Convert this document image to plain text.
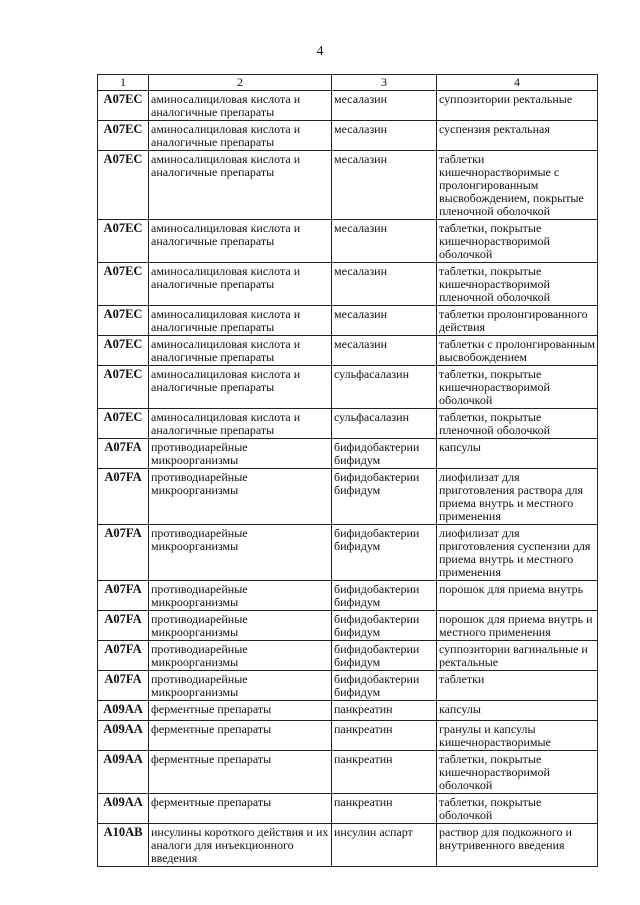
4
1	2	3	4
A07EC	аминосалициловая кислота и аналогичные препараты	месалазин	суппозитории ректальные
A07EC	аминосалициловая кислота и аналогичные препараты	месалазин	суспензия ректальная
A07EC	аминосалициловая кислота и аналогичные препараты	месалазин	таблетки кишечнорастворимые с пролонгированным высвобождением, покрытые пленочной оболочкой
A07EC	аминосалициловая кислота и аналогичные препараты	месалазин	таблетки, покрытые кишечнорастворимой оболочкой
A07EC	аминосалициловая кислота и аналогичные препараты	месалазин	таблетки, покрытые кишечнорастворимой пленочной оболочкой
A07EC	аминосалициловая кислота и аналогичные препараты	месалазин	таблетки пролонгированного действия
A07EC	аминосалициловая кислота и аналогичные препараты	месалазин	таблетки с пролонгированным высвобождением
A07EC	аминосалициловая кислота и аналогичные препараты	сульфасалазин	таблетки, покрытые кишечнорастворимой оболочкой
A07EC	аминосалициловая кислота и аналогичные препараты	сульфасалазин	таблетки, покрытые пленочной оболочкой
A07FA	противодиарейные микроорганизмы	бифидобактерии бифидум	капсулы
A07FA	противодиарейные микроорганизмы	бифидобактерии бифидум	лиофилизат для приготовления раствора для приема внутрь и местного применения
A07FA	противодиарейные микроорганизмы	бифидобактерии бифидум	лиофилизат для приготовления суспензии для приема внутрь и местного применения
A07FA	противодиарейные микроорганизмы	бифидобактерии бифидум	порошок для приема внутрь
A07FA	противодиарейные микроорганизмы	бифидобактерии бифидум	порошок для приема внутрь и местного применения
A07FA	противодиарейные микроорганизмы	бифидобактерии бифидум	суппозитории вагинальные и ректальные
A07FA	противодиарейные микроорганизмы	бифидобактерии бифидум	таблетки
A09AA	ферментные препараты	панкреатин	капсулы
A09AA	ферментные препараты	панкреатин	гранулы и капсулы кишечнорастворимые
A09AA	ферментные препараты	панкреатин	таблетки, покрытые кишечнорастворимой оболочкой
A09AA	ферментные препараты	панкреатин	таблетки, покрытые оболочкой
A10AB	инсулины короткого действия и их аналоги для инъекционного введения	инсулин аспарт	раствор для подкожного и внутривенного введения
